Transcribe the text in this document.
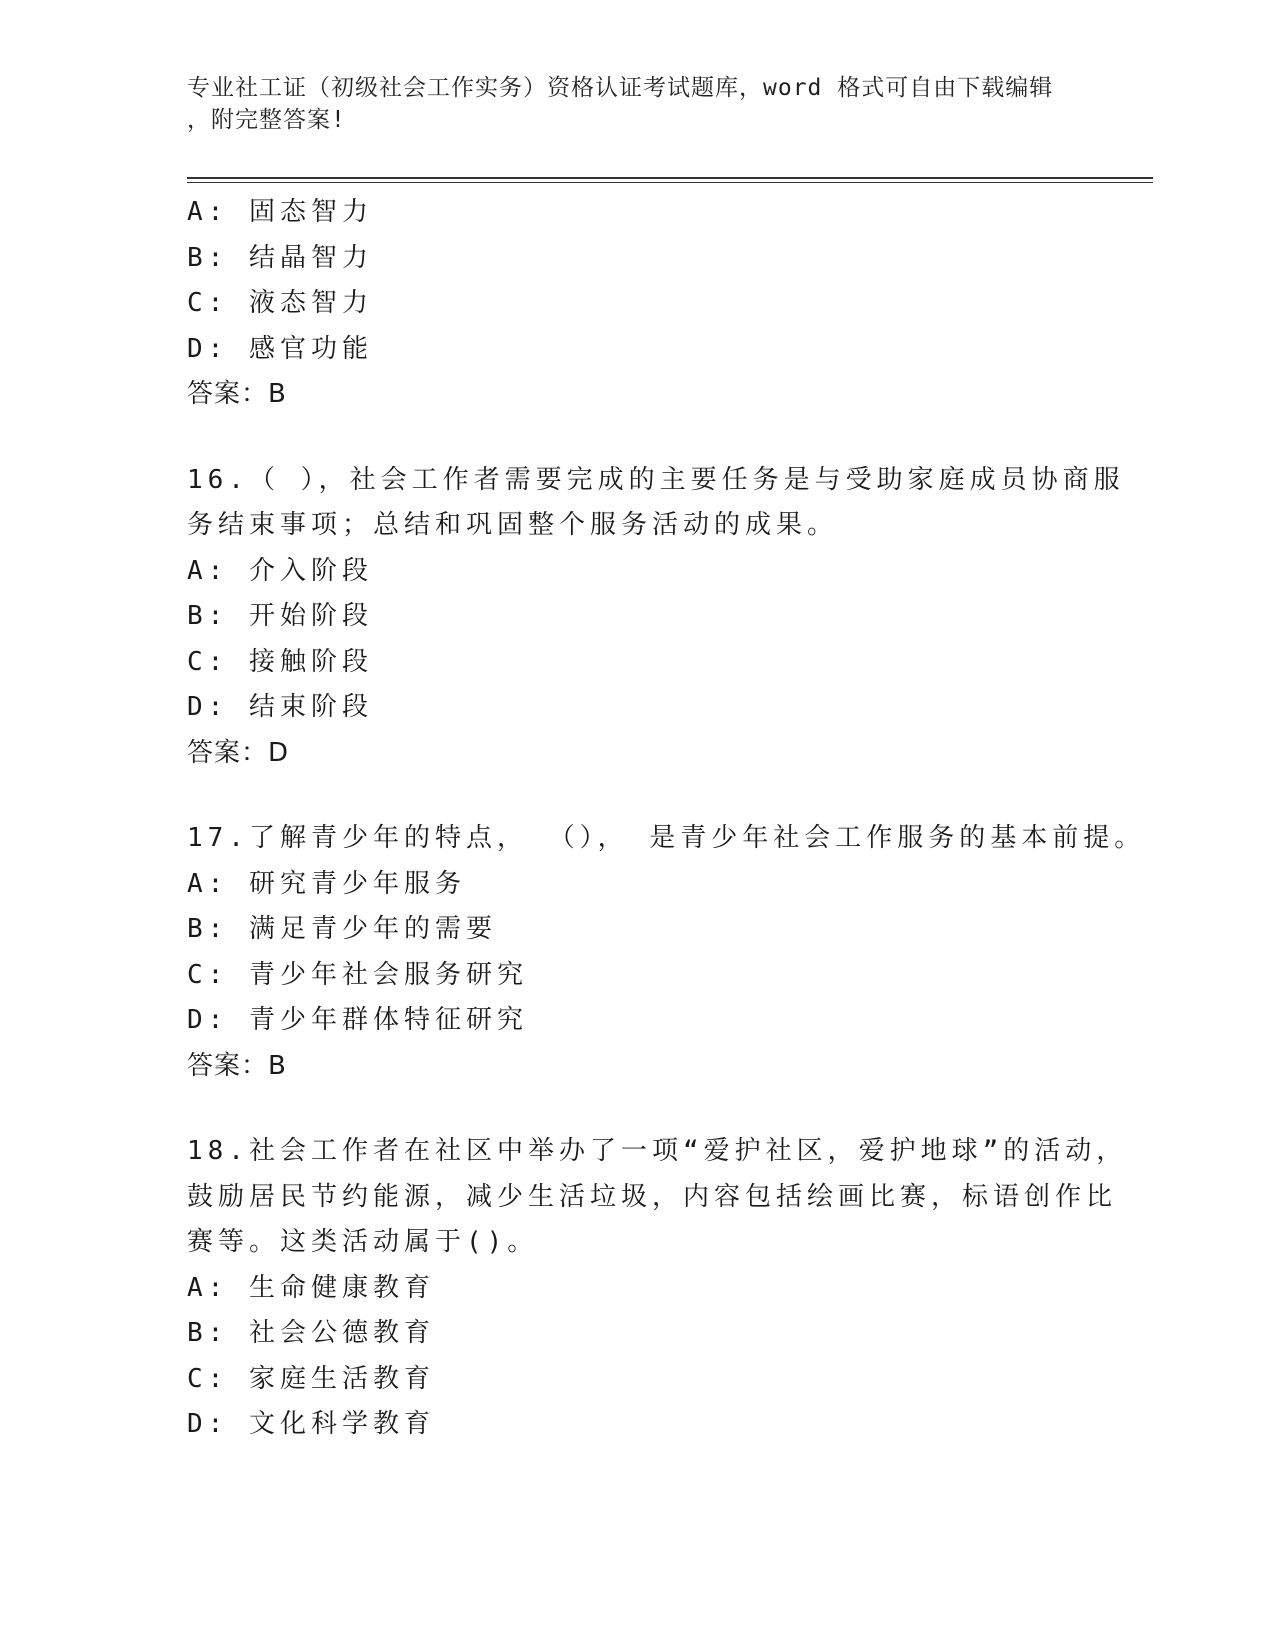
专业社工证（初级社会工作实务）资格认证考试题库，word 格式可自由下载编辑
，附完整答案!
A: 固态智力
B: 结晶智力
C: 液态智力
D: 感官功能
答案：B
16.（ ），社会工作者需要完成的主要任务是与受助家庭成员协商服
务结束事项；总结和巩固整个服务活动的成果。
A: 介入阶段
B: 开始阶段
C: 接触阶段
D: 结束阶段
答案：D
17.了解青少年的特点， （）， 是青少年社会工作服务的基本前提。
A: 研究青少年服务
B: 满足青少年的需要
C: 青少年社会服务研究
D: 青少年群体特征研究
答案：B
18.社会工作者在社区中举办了一项“爱护社区，爱护地球”的活动，
鼓励居民节约能源，减少生活垃圾，内容包括绘画比赛，标语创作比
赛等。这类活动属于()。
A: 生命健康教育
B: 社会公德教育
C: 家庭生活教育
D: 文化科学教育
